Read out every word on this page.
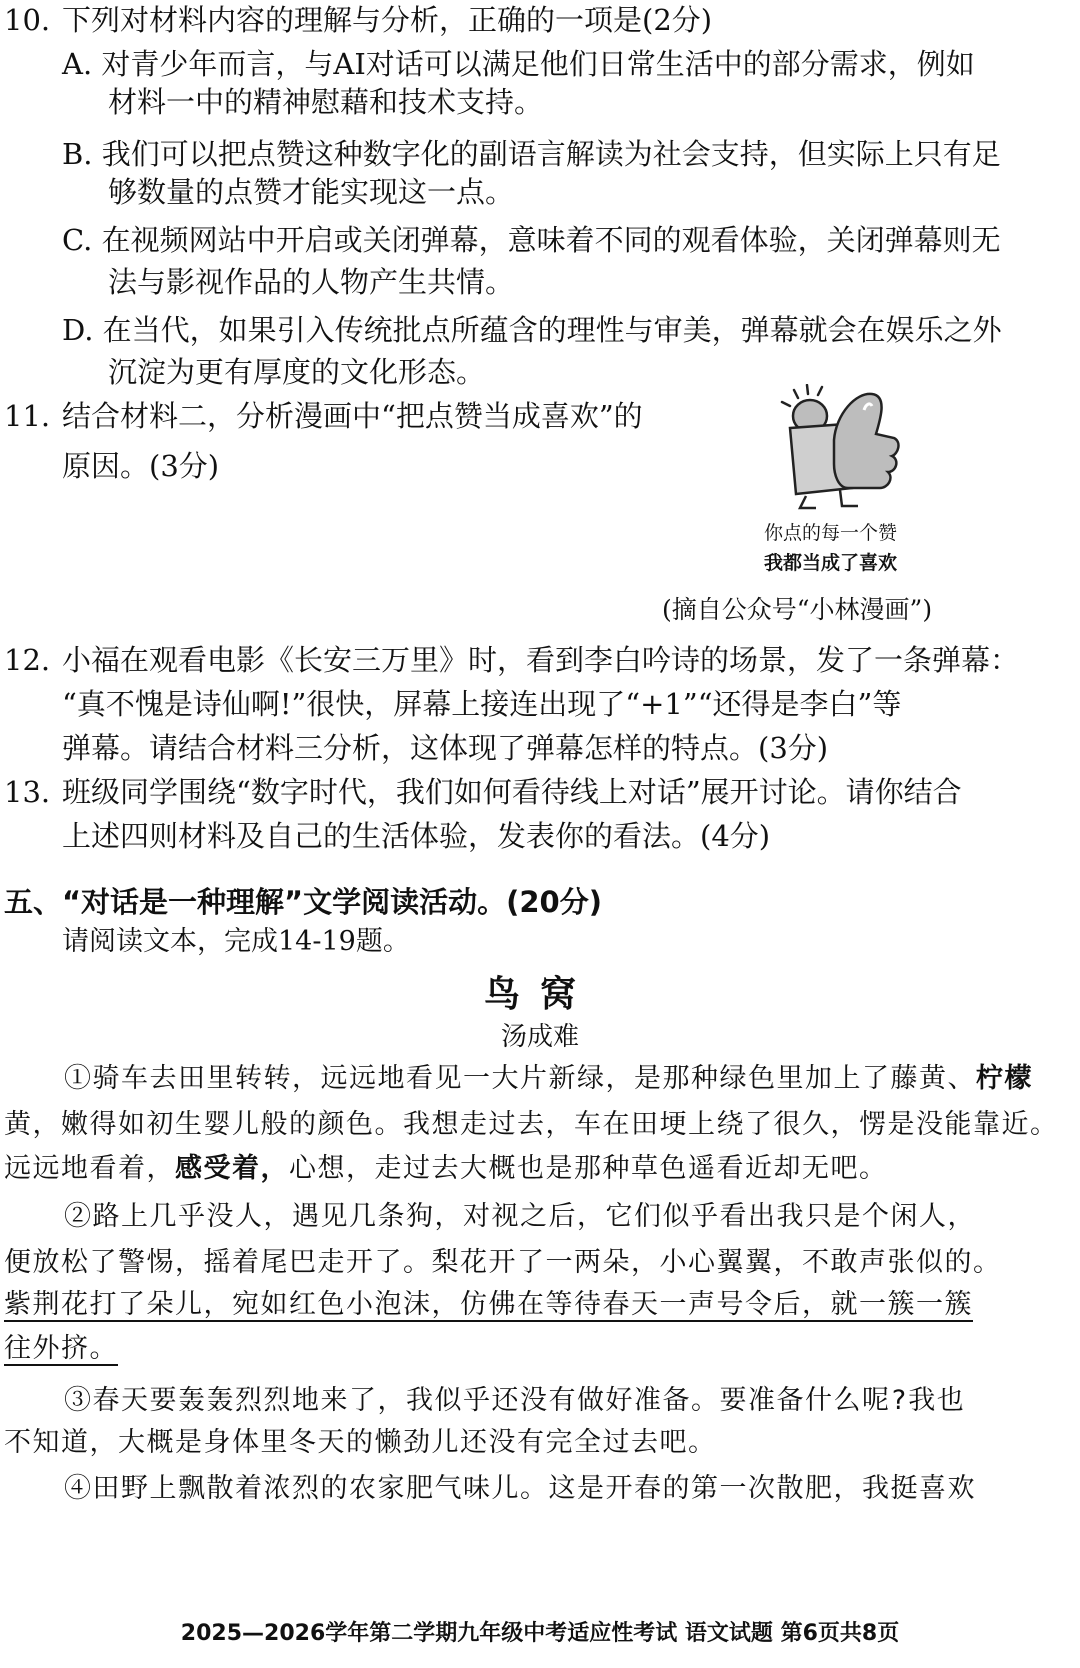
10. 下列对材料内容的理解与分析，正确的一项是(2分)
A. 对青少年而言，与AI对话可以满足他们日常生活中的部分需求，例如
材料一中的精神慰藉和技术支持。
B. 我们可以把点赞这种数字化的副语言解读为社会支持，但实际上只有足
够数量的点赞才能实现这一点。
C. 在视频网站中开启或关闭弹幕，意味着不同的观看体验，关闭弹幕则无
法与影视作品的人物产生共情。
D. 在当代，如果引入传统批点所蕴含的理性与审美，弹幕就会在娱乐之外
沉淀为更有厚度的文化形态。
11. 结合材料二，分析漫画中“把点赞当成喜欢”的
原因。(3分)
你点的每一个赞
我都当成了喜欢
(摘自公众号“小林漫画”)
12. 小福在观看电影《长安三万里》时，看到李白吟诗的场景，发了一条弹幕：
“真不愧是诗仙啊!”很快，屏幕上接连出现了“+1”“还得是李白”等
弹幕。请结合材料三分析，这体现了弹幕怎样的特点。(3分)
13. 班级同学围绕“数字时代，我们如何看待线上对话”展开讨论。请你结合
上述四则材料及自己的生活体验，发表你的看法。(4分)
五、“对话是一种理解”文学阅读活动。(20分)
请阅读文本，完成14-19题。
鸟窝
汤成难
①骑车去田里转转，远远地看见一大片新绿，是那种绿色里加上了藤黄、柠檬
黄，嫩得如初生婴儿般的颜色。我想走过去，车在田埂上绕了很久，愣是没能靠近。
远远地看着，感受着，心想，走过去大概也是那种草色遥看近却无吧。
②路上几乎没人，遇见几条狗，对视之后，它们似乎看出我只是个闲人，
便放松了警惕，摇着尾巴走开了。梨花开了一两朵，小心翼翼，不敢声张似的。
紫荆花打了朵儿，宛如红色小泡沫，仿佛在等待春天一声号令后，就一簇一簇
往外挤。
③春天要轰轰烈烈地来了，我似乎还没有做好准备。要准备什么呢?我也
不知道，大概是身体里冬天的懒劲儿还没有完全过去吧。
④田野上飘散着浓烈的农家肥气味儿。这是开春的第一次散肥，我挺喜欢
2025—2026学年第二学期九年级中考适应性考试 语文试题 第6页共8页
